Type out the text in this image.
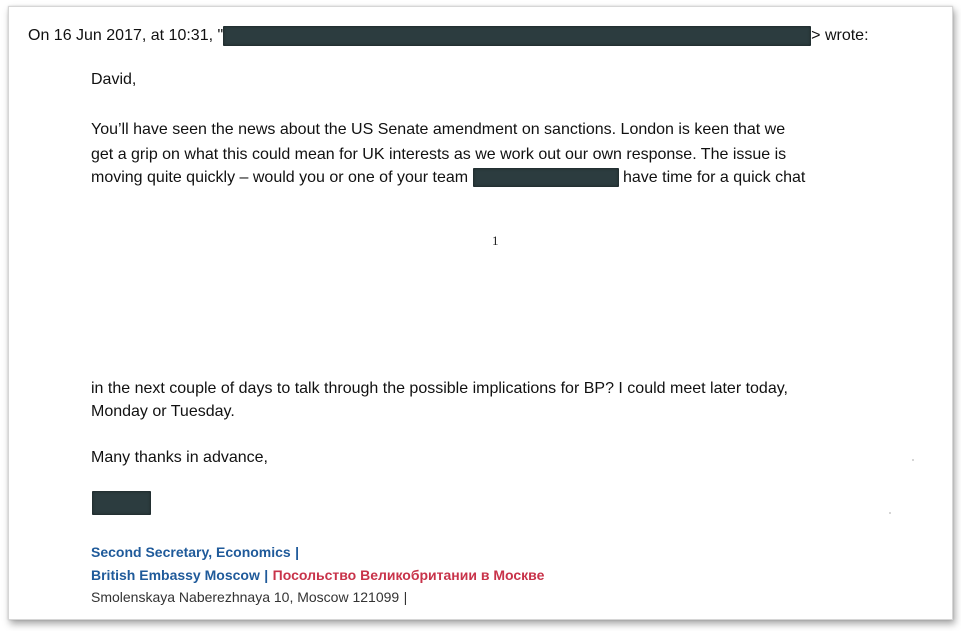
On 16 Jun 2017, at 10:31, "	> wrote:
David,
You’ll have seen the news about the US Senate amendment on sanctions. London is keen that we
get a grip on what this could mean for UK interests as we work out our own response. The issue is
moving quite quickly – would you or one of your team	have time for a quick chat
1
in the next couple of days to talk through the possible implications for BP? I could meet later today,
Monday or Tuesday.
Many thanks in advance,
Second Secretary, Economics |
British Embassy Moscow | Посольство Великобритании в Москве
Smolenskaya Naberezhnaya 10, Moscow 121099 |
